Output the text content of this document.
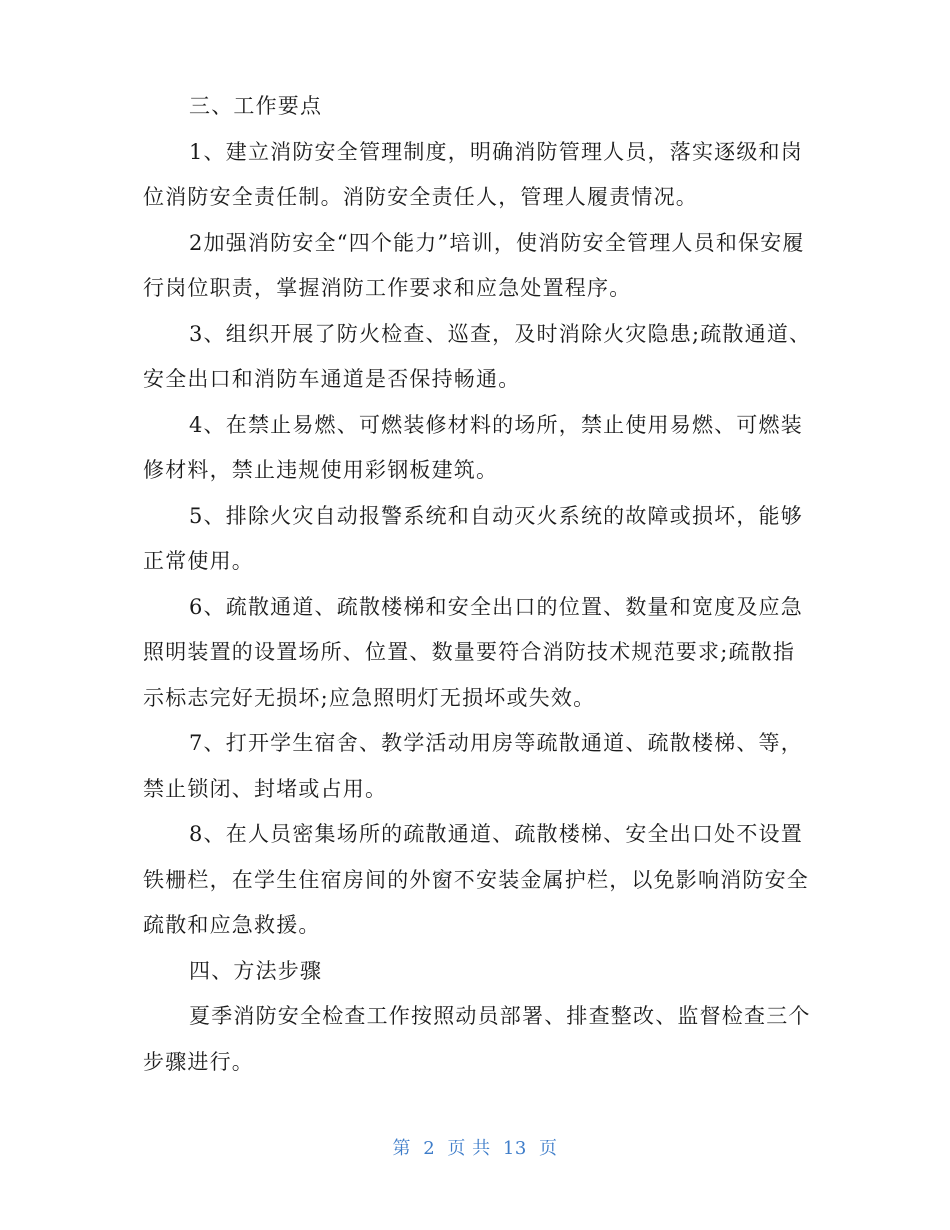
三、工作要点

1、建立消防安全管理制度，明确消防管理人员，落实逐级和岗位消防安全责任制。消防安全责任人，管理人履责情况。

2加强消防安全“四个能力”培训，使消防安全管理人员和保安履行岗位职责，掌握消防工作要求和应急处置程序。

3、组织开展了防火检查、巡查，及时消除火灾隐患;疏散通道、安全出口和消防车通道是否保持畅通。

4、在禁止易燃、可燃装修材料的场所，禁止使用易燃、可燃装修材料，禁止违规使用彩钢板建筑。

5、排除火灾自动报警系统和自动灭火系统的故障或损坏，能够正常使用。

6、疏散通道、疏散楼梯和安全出口的位置、数量和宽度及应急照明装置的设置场所、位置、数量要符合消防技术规范要求;疏散指示标志完好无损坏;应急照明灯无损坏或失效。

7、打开学生宿舍、教学活动用房等疏散通道、疏散楼梯、等，禁止锁闭、封堵或占用。

8、在人员密集场所的疏散通道、疏散楼梯、安全出口处不设置铁栅栏，在学生住宿房间的外窗不安装金属护栏，以免影响消防安全疏散和应急救援。

四、方法步骤

夏季消防安全检查工作按照动员部署、排查整改、监督检查三个步骤进行。

第 2 页 共 13 页
